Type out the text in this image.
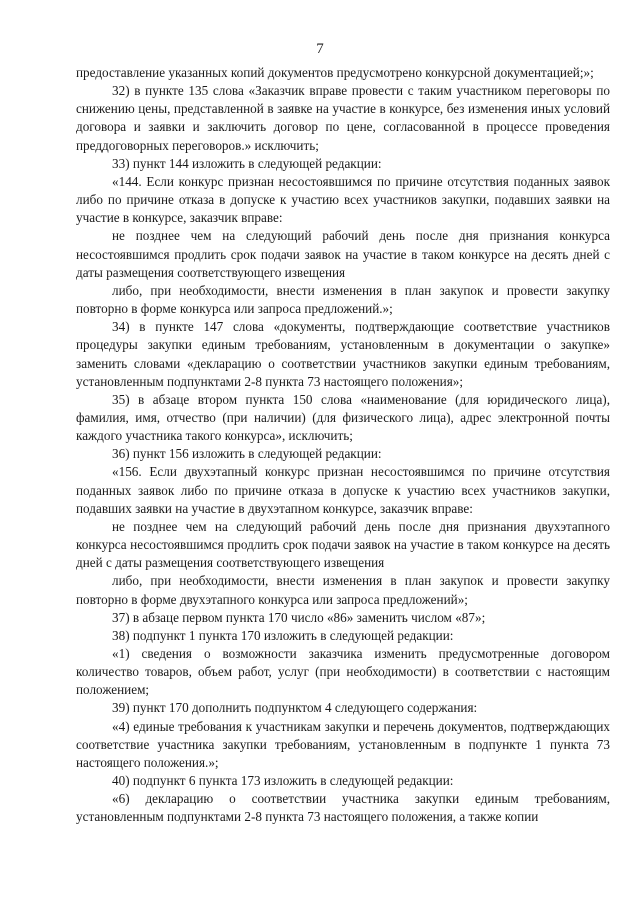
7

предоставление указанных копий документов предусмотрено конкурсной документацией;»;

32) в пункте 135 слова «Заказчик вправе провести с таким участником переговоры по снижению цены, представленной в заявке на участие в конкурсе, без изменения иных условий договора и заявки и заключить договор по цене, согласованной в процессе проведения преддоговорных переговоров.» исключить;

33) пункт 144 изложить в следующей редакции:

«144. Если конкурс признан несостоявшимся по причине отсутствия поданных заявок либо по причине отказа в допуске к участию всех участников закупки, подавших заявки на участие в конкурсе, заказчик вправе:

не позднее чем на следующий рабочий день после дня признания конкурса несостоявшимся продлить срок подачи заявок на участие в таком конкурсе на десять дней с даты размещения соответствующего извещения

либо, при необходимости, внести изменения в план закупок и провести закупку повторно в форме конкурса или запроса предложений.»;

34) в пункте 147 слова «документы, подтверждающие соответствие участников процедуры закупки единым требованиям, установленным в документации о закупке» заменить словами «декларацию о соответствии участников закупки единым требованиям, установленным подпунктами 2-8 пункта 73 настоящего положения»;

35) в абзаце втором пункта 150 слова «наименование (для юридического лица), фамилия, имя, отчество (при наличии) (для физического лица), адрес электронной почты каждого участника такого конкурса», исключить;

36) пункт 156 изложить в следующей редакции:

«156. Если двухэтапный конкурс признан несостоявшимся по причине отсутствия поданных заявок либо по причине отказа в допуске к участию всех участников закупки, подавших заявки на участие в двухэтапном конкурсе, заказчик вправе:

не позднее чем на следующий рабочий день после дня признания двухэтапного конкурса несостоявшимся продлить срок подачи заявок на участие в таком конкурсе на десять дней с даты размещения соответствующего извещения

либо, при необходимости, внести изменения в план закупок и провести закупку повторно в форме двухэтапного конкурса или запроса предложений»;

37) в абзаце первом пункта 170 число «86» заменить числом «87»;

38) подпункт 1 пункта 170 изложить в следующей редакции:

«1) сведения о возможности заказчика изменить предусмотренные договором количество товаров, объем работ, услуг (при необходимости) в соответствии с настоящим положением;

39) пункт 170 дополнить подпунктом 4 следующего содержания:

«4) единые требования к участникам закупки и перечень документов, подтверждающих соответствие участника закупки требованиям, установленным в подпункте 1 пункта 73 настоящего положения.»;

40) подпункт 6 пункта 173 изложить в следующей редакции:

«6) декларацию о соответствии участника закупки единым требованиям, установленным подпунктами 2-8 пункта 73 настоящего положения, а также копии
